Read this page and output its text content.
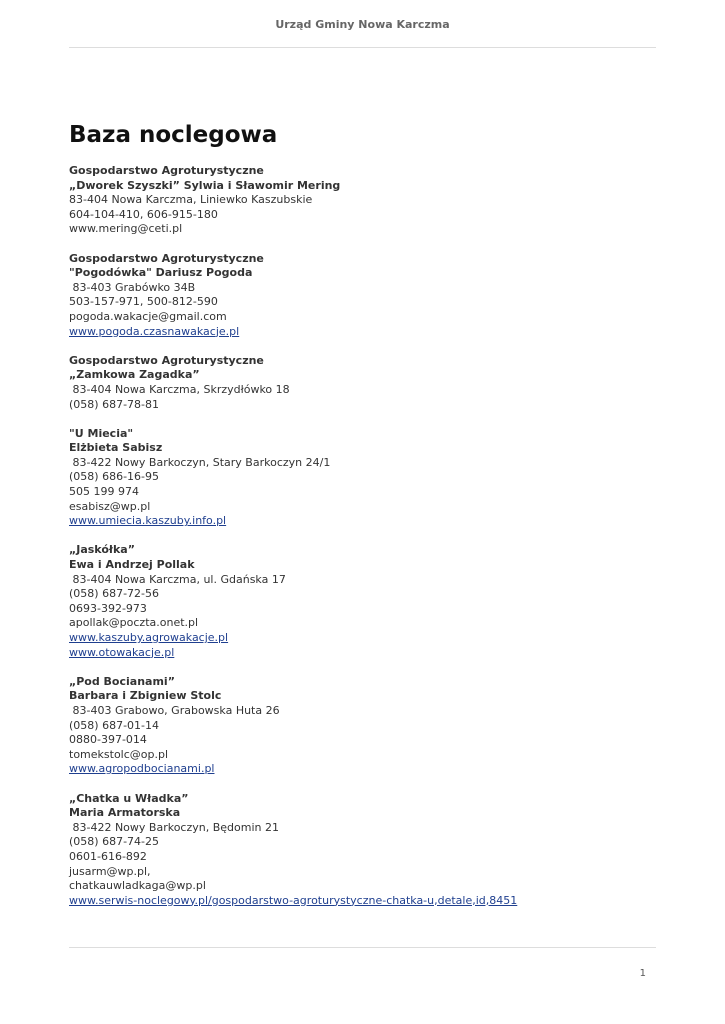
Urząd Gminy Nowa Karczma
Baza noclegowa
Gospodarstwo Agroturystyczne
„Dworek Szyszki” Sylwia i Sławomir Mering
83-404 Nowa Karczma, Liniewko Kaszubskie
604-104-410, 606-915-180
www.mering@ceti.pl
Gospodarstwo Agroturystyczne
"Pogodówka" Dariusz Pogoda
83-403 Grabówko 34B
503-157-971, 500-812-590
pogoda.wakacje@gmail.com
www.pogoda.czasnawakacje.pl
Gospodarstwo Agroturystyczne
„Zamkowa Zagadka”
83-404 Nowa Karczma, Skrzydłówko 18
(058) 687-78-81
"U Miecia"
Elżbieta Sabisz
83-422 Nowy Barkoczyn, Stary Barkoczyn 24/1
(058) 686-16-95
505 199 974
esabisz@wp.pl
www.umiecia.kaszuby.info.pl
„Jaskółka”
Ewa i Andrzej Pollak
83-404 Nowa Karczma, ul. Gdańska 17
(058) 687-72-56
0693-392-973
apollak@poczta.onet.pl
www.kaszuby.agrowakacje.pl
www.otowakacje.pl
„Pod Bocianami”
Barbara i Zbigniew Stolc
83-403 Grabowo, Grabowska Huta 26
(058) 687-01-14
0880-397-014
tomekstolc@op.pl
www.agropodbocianami.pl
„Chatka u Władka”
Maria Armatorska
83-422 Nowy Barkoczyn, Będomin 21
(058) 687-74-25
0601-616-892
jusarm@wp.pl,
chatkauwladkaga@wp.pl
www.serwis-noclegowy.pl/gospodarstwo-agroturystyczne-chatka-u,detale,id,8451
1
